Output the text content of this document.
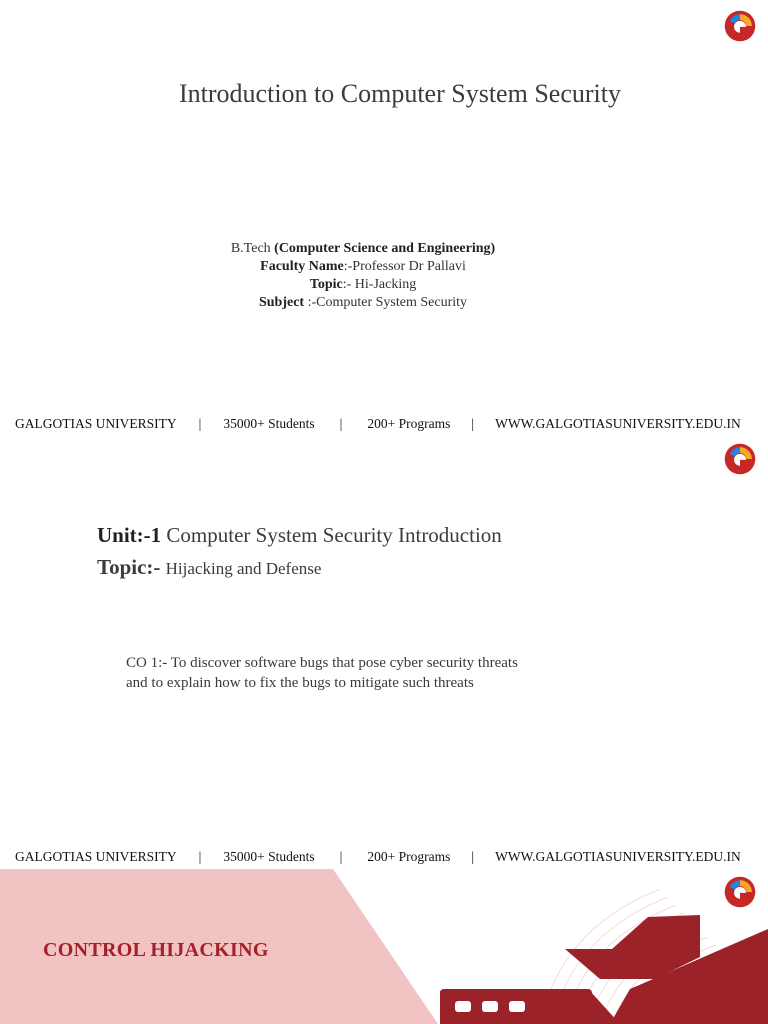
Introduction to Computer System Security
B.Tech (Computer Science and Engineering)
Faculty Name:-Professor Dr Pallavi
Topic:- Hi-Jacking
Subject :-Computer System Security
GALGOTIAS UNIVERSITY | 35000+ Students | 200+ Programs | WWW.GALGOTIASUNIVERSITY.EDU.IN
Unit:-1 Computer System Security Introduction
Topic:- Hijacking and Defense
CO 1:- To discover software bugs that pose cyber security threats
and to explain how to fix the bugs to mitigate such threats
GALGOTIAS UNIVERSITY | 35000+ Students | 200+ Programs | WWW.GALGOTIASUNIVERSITY.EDU.IN
CONTROL HIJACKING
